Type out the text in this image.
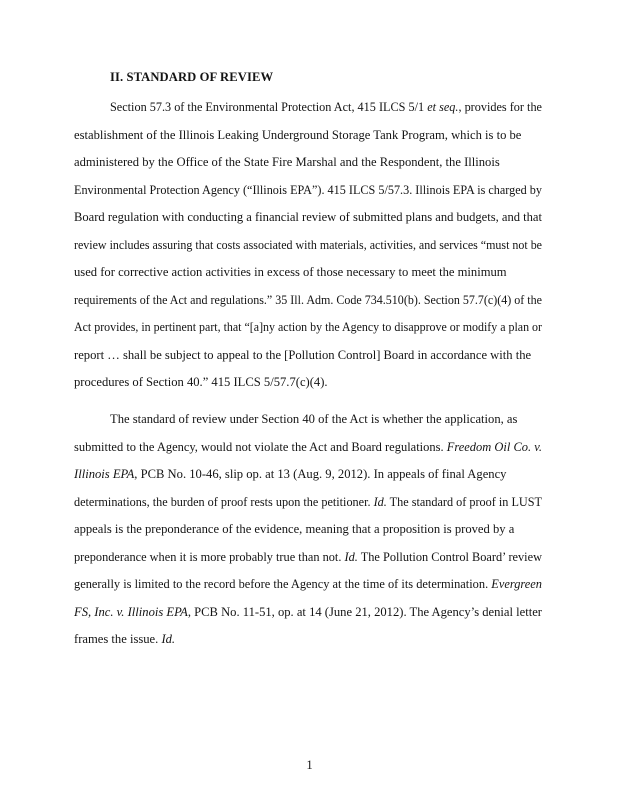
II. STANDARD OF REVIEW
Section 57.3 of the Environmental Protection Act, 415 ILCS 5/1 et seq., provides for the
establishment of the Illinois Leaking Underground Storage Tank Program, which is to be
administered by the Office of the State Fire Marshal and the Respondent, the Illinois
Environmental Protection Agency (“Illinois EPA”). 415 ILCS 5/57.3. Illinois EPA is charged by
Board regulation with conducting a financial review of submitted plans and budgets, and that
review includes assuring that costs associated with materials, activities, and services “must not be
used for corrective action activities in excess of those necessary to meet the minimum
requirements of the Act and regulations.” 35 Ill. Adm. Code 734.510(b). Section 57.7(c)(4) of the
Act provides, in pertinent part, that “[a]ny action by the Agency to disapprove or modify a plan or
report … shall be subject to appeal to the [Pollution Control] Board in accordance with the
procedures of Section 40.” 415 ILCS 5/57.7(c)(4).
The standard of review under Section 40 of the Act is whether the application, as
submitted to the Agency, would not violate the Act and Board regulations. Freedom Oil Co. v.
Illinois EPA, PCB No. 10-46, slip op. at 13 (Aug. 9, 2012). In appeals of final Agency
determinations, the burden of proof rests upon the petitioner. Id. The standard of proof in LUST
appeals is the preponderance of the evidence, meaning that a proposition is proved by a
preponderance when it is more probably true than not. Id. The Pollution Control Board’ review
generally is limited to the record before the Agency at the time of its determination. Evergreen
FS, Inc. v. Illinois EPA, PCB No. 11-51, op. at 14 (June 21, 2012). The Agency’s denial letter
frames the issue. Id.
1
